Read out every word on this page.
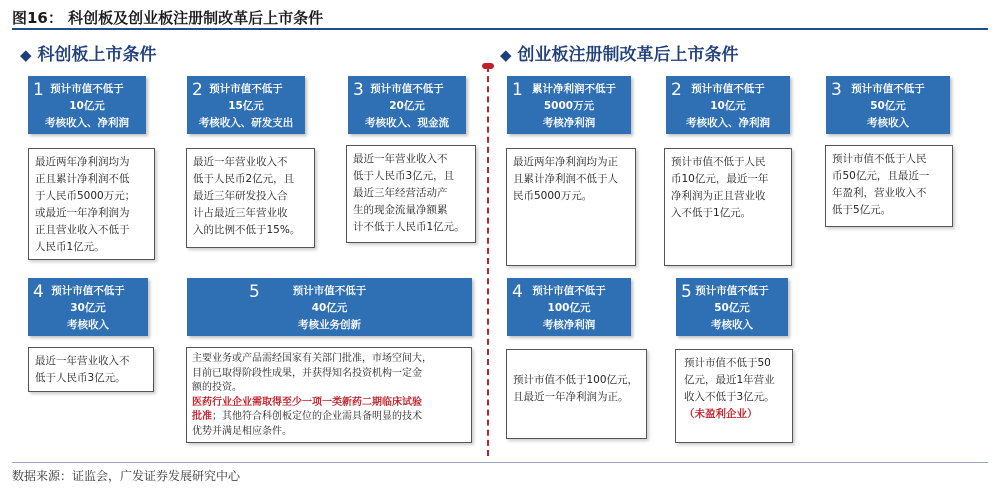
图16： 科创板及创业板注册制改革后上市条件
◆ 科创板上市条件	◆ 创业板注册制改革后上市条件
1 预计市值不低于
10亿元
考核收入、净利润
最近两年净利润均为
正且累计净利润不低
于人民币5000万元；
或最近一年净利润为
正且营业收入不低于
人民币1亿元。
2 预计市值不低于
15亿元
考核收入、研发支出
最近一年营业收入不
低于人民币2亿元，且
最近三年研发投入合
计占最近三年营业收
入的比例不低于15%。
3 预计市值不低于
20亿元
考核收入、现金流
最近一年营业收入不
低于人民币3亿元，且
最近三年经营活动产
生的现金流量净额累
计不低于人民币1亿元。
4 预计市值不低于
30亿元
考核收入
最近一年营业收入不
低于人民币3亿元。
5	预计市值不低于
40亿元
考核业务创新
主要业务或产品需经国家有关部门批准，市场空间大，
目前已取得阶段性成果，并获得知名投资机构一定金
额的投资。
医药行业企业需取得至少一项一类新药二期临床试验
批准；其他符合科创板定位的企业需具备明显的技术
优势并满足相应条件。
1 累计净利润不低于
5000万元
考核净利润
最近两年净利润均为正
且累计净利润不低于人
民币5000万元。
2 预计市值不低于
10亿元
考核收入、净利润
预计市值不低于人民
币10亿元，最近一年
净利润为正且营业收
入不低于1亿元。
3 预计市值不低于
50亿元
考核收入
预计市值不低于人民
币50亿元，且最近一
年盈利，营业收入不
低于5亿元。
4 预计市值不低于
100亿元
考核净利润
预计市值不低于100亿元，
且最近一年净利润为正。
5 预计市值不低于
50亿元
考核收入
预计市值不低于50
亿元，最近1年营业
收入不低于3亿元。
（未盈利企业）
数据来源：证监会，广发证券发展研究中心
